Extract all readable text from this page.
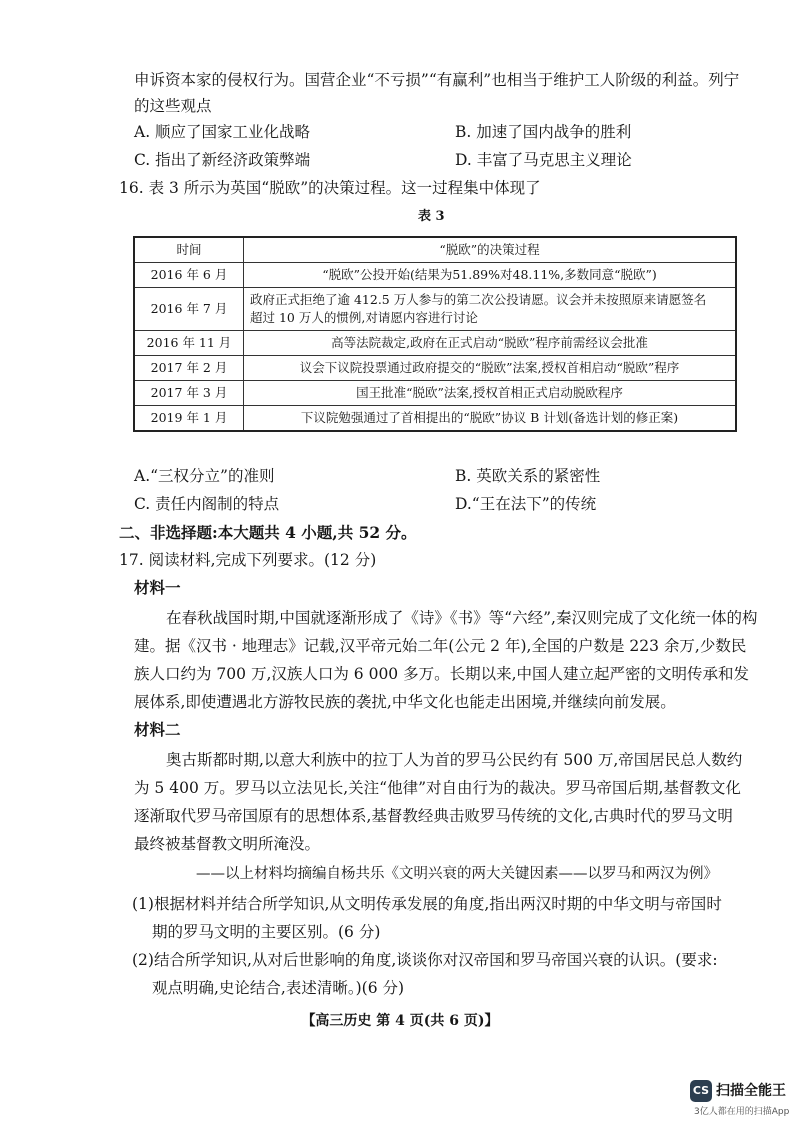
申诉资本家的侵权行为。国营企业“不亏损”“有赢利”也相当于维护工人阶级的利益。列宁
的这些观点
A. 顺应了国家工业化战略	B. 加速了国内战争的胜利
C. 指出了新经济政策弊端	D. 丰富了马克思主义理论
16. 表 3 所示为英国“脱欧”的决策过程。这一过程集中体现了
表 3
时间	“脱欧”的决策过程
2016 年 6 月	“脱欧”公投开始(结果为51.89%对48.11%,多数同意“脱欧”)
2016 年 7 月	政府正式拒绝了逾 412.5 万人参与的第二次公投请愿。议会并未按照原来请愿签名
超过 10 万人的惯例,对请愿内容进行讨论

2016 年 11 月	高等法院裁定,政府在正式启动“脱欧”程序前需经议会批准
2017 年 2 月	议会下议院投票通过政府提交的“脱欧”法案,授权首相启动“脱欧”程序
2017 年 3 月	国王批准“脱欧”法案,授权首相正式启动脱欧程序
2019 年 1 月	下议院勉强通过了首相提出的“脱欧”协议 B 计划(备选计划的修正案)
A.“三权分立”的准则	B. 英欧关系的紧密性
C. 责任内阁制的特点	D.“王在法下”的传统
二、非选择题:本大题共 4 小题,共 52 分。
17. 阅读材料,完成下列要求。(12 分)
材料一
在春秋战国时期,中国就逐渐形成了《诗》《书》等“六经”,秦汉则完成了文化统一体的构
建。据《汉书 · 地理志》记载,汉平帝元始二年(公元 2 年),全国的户数是 223 余万,少数民
族人口约为 700 万,汉族人口为 6 000 多万。长期以来,中国人建立起严密的文明传承和发
展体系,即使遭遇北方游牧民族的袭扰,中华文化也能走出困境,并继续向前发展。
材料二
奥古斯都时期,以意大利族中的拉丁人为首的罗马公民约有 500 万,帝国居民总人数约
为 5 400 万。罗马以立法见长,关注“他律”对自由行为的裁决。罗马帝国后期,基督教文化
逐渐取代罗马帝国原有的思想体系,基督教经典击败罗马传统的文化,古典时代的罗马文明
最终被基督教文明所淹没。
——以上材料均摘编自杨共乐《文明兴衰的两大关键因素——以罗马和两汉为例》
(1)根据材料并结合所学知识,从文明传承发展的角度,指出两汉时期的中华文明与帝国时
期的罗马文明的主要区别。(6 分)
(2)结合所学知识,从对后世影响的角度,谈谈你对汉帝国和罗马帝国兴衰的认识。(要求:
观点明确,史论结合,表述清晰。)(6 分)
【高三历史 第 4 页(共 6 页)】
CS 扫描全能王
3亿人都在用的扫描App
